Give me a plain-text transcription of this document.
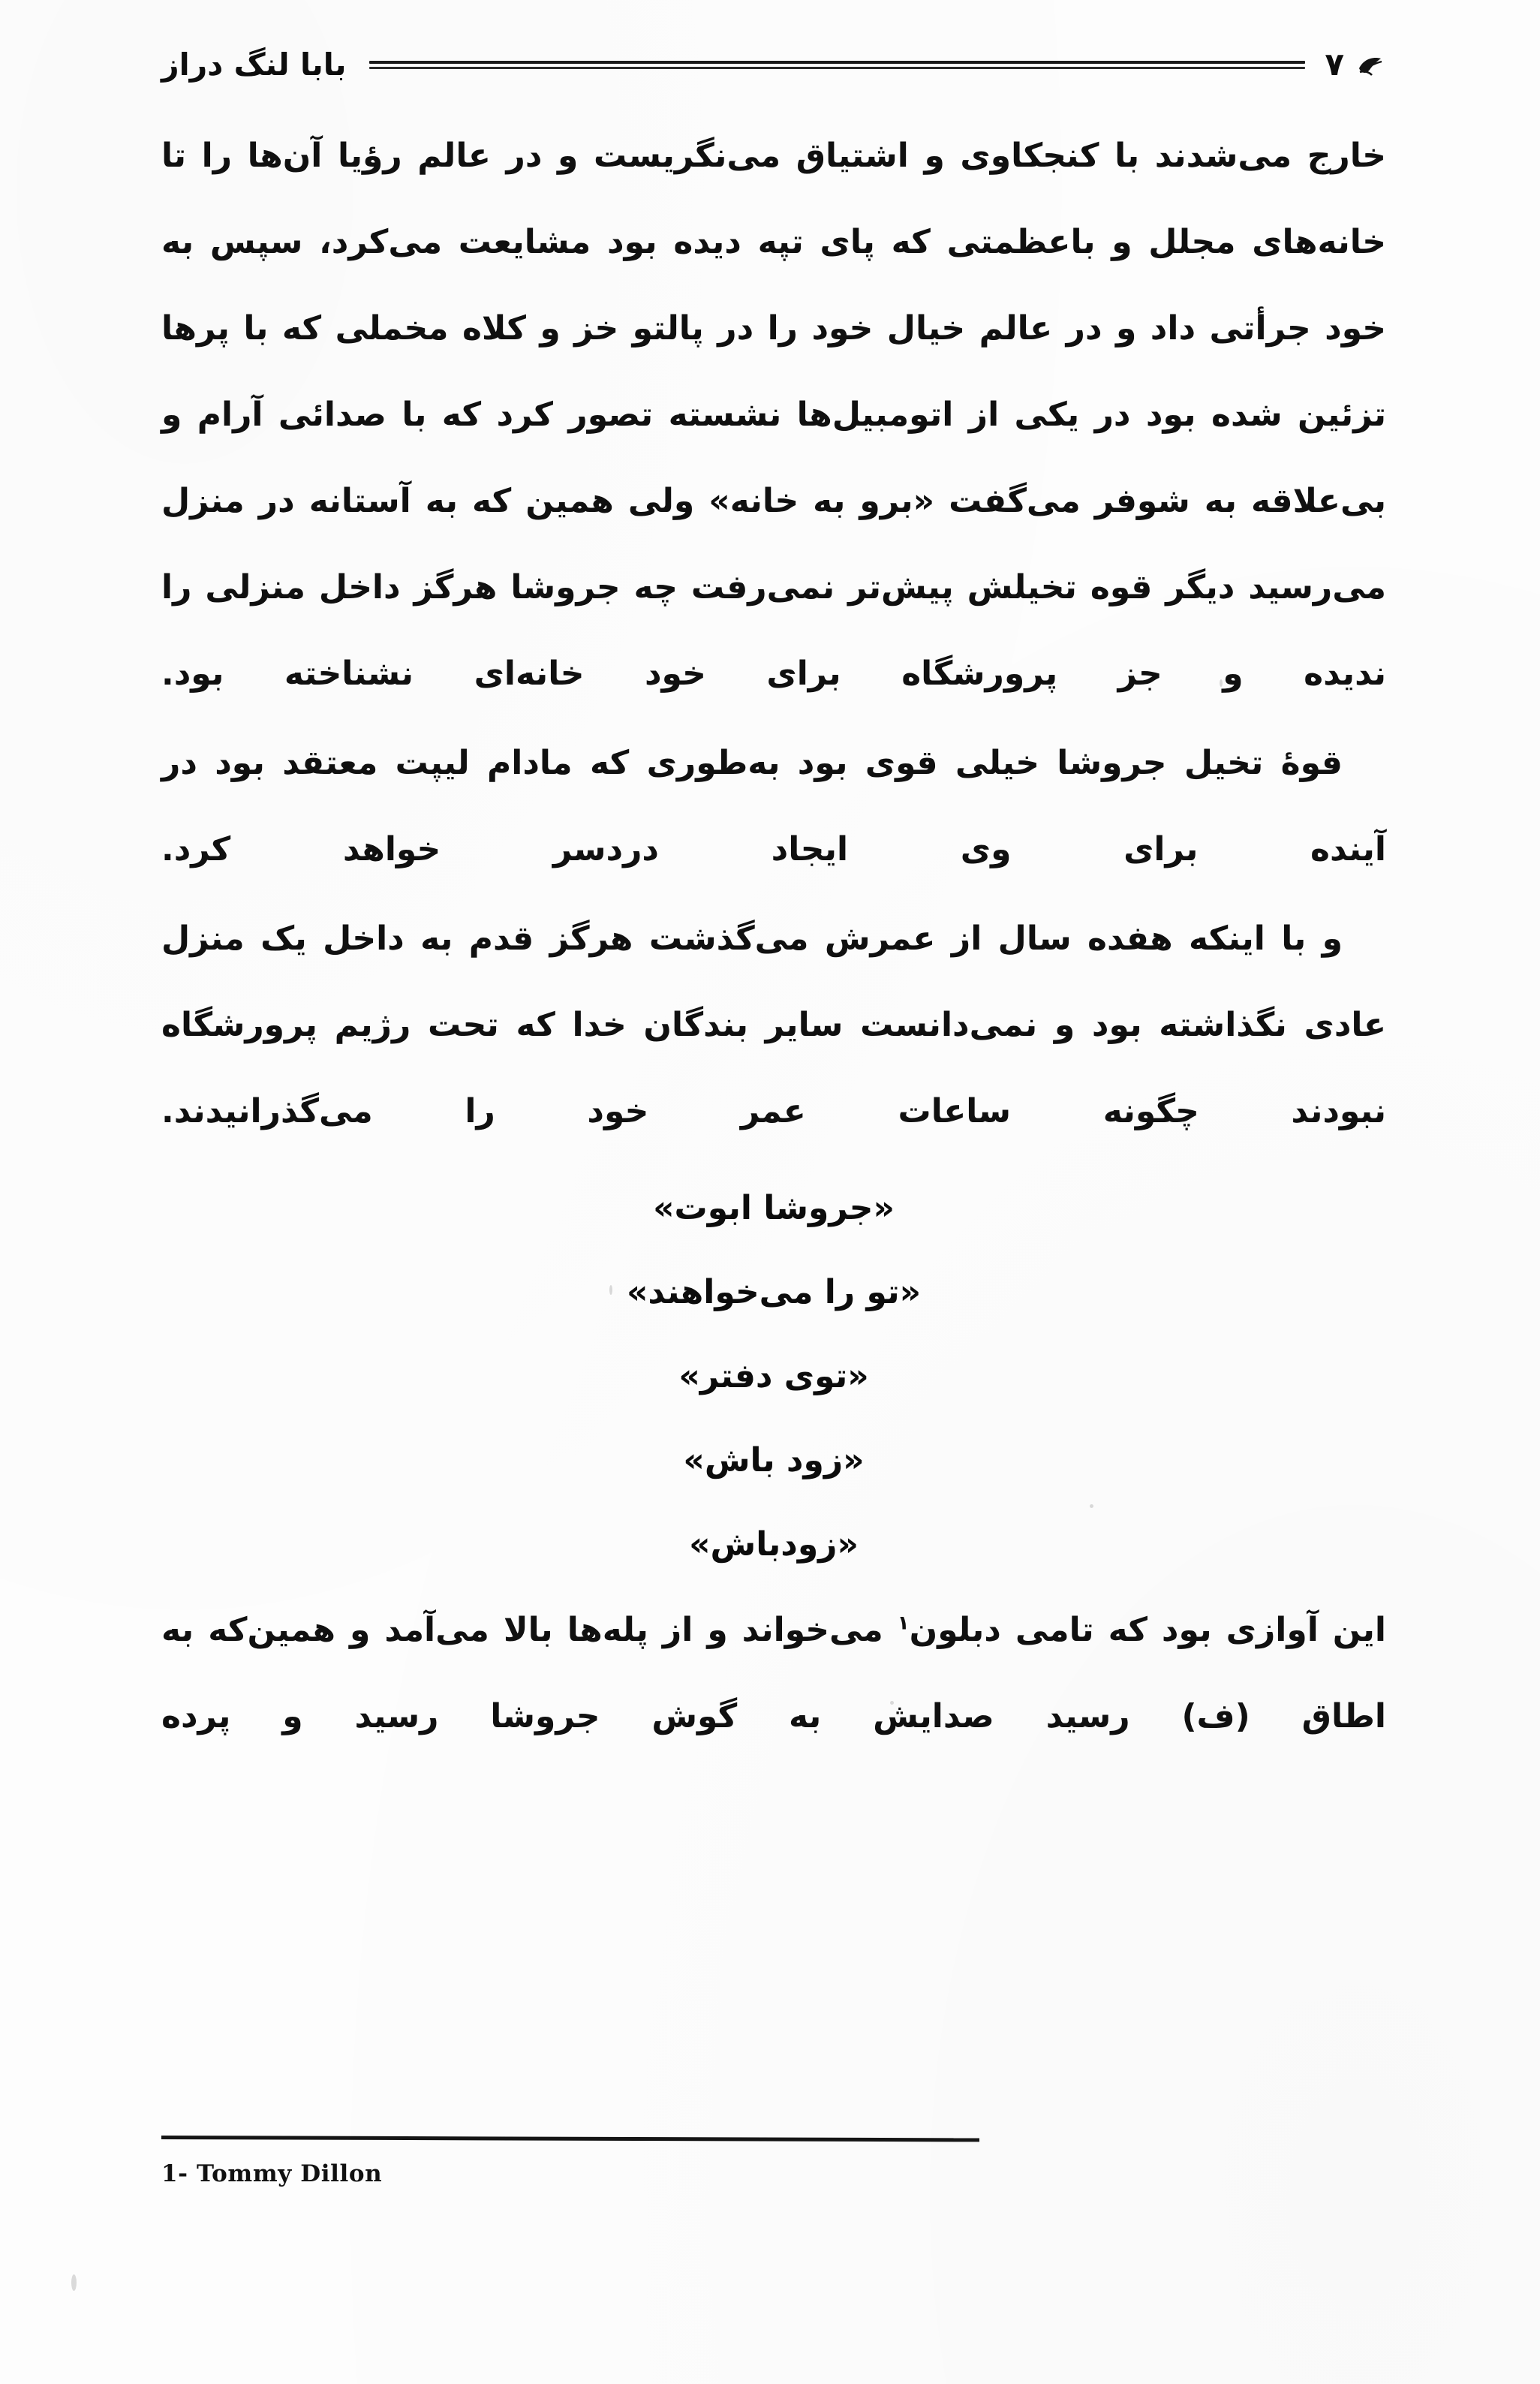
۷
بابا لنگ دراز

خارج می‌شدند با کنجکاوی و اشتیاق می‌نگریست و در عالم رؤیا آن‌ها را تا خانه‌های مجلل و باعظمتی که پای تپه دیده بود مشایعت می‌کرد، سپس به خود جرأتی داد و در عالم خیال خود را در پالتو خز و کلاه مخملی که با پرها تزئین شده بود در یکی از اتومبیل‌ها نشسته تصور کرد که با صدائی آرام و بی‌علاقه به شوفر می‌گفت «برو به خانه» ولی همین که به آستانه در منزل می‌رسید دیگر قوه تخیلش پیش‌تر نمی‌رفت چه جروشا هرگز داخل منزلی را ندیده و جز پرورشگاه برای خود خانه‌ای نشناخته بود.

قوهٔ تخیل جروشا خیلی قوی بود به‌طوری که مادام لیپت معتقد بود در آینده برای وی ایجاد دردسر خواهد کرد.

و با اینکه هفده سال از عمرش می‌گذشت هرگز قدم به داخل یک منزل عادی نگذاشته بود و نمی‌دانست سایر بندگان خدا که تحت رژیم پرورشگاه نبودند چگونه ساعات عمر خود را می‌گذرانیدند.

«جروشا ابوت»

«تو را می‌خواهند»

«توی دفتر»

«زود باش»

«زودباش»

این آوازی بود که تامی دبلون$^۱$ می‌خواند و از پله‌ها بالا می‌آمد و همین‌که به اطاق (ف) رسید صدایش به گوش جروشا رسید و پرده

1- Tommy Dillon
